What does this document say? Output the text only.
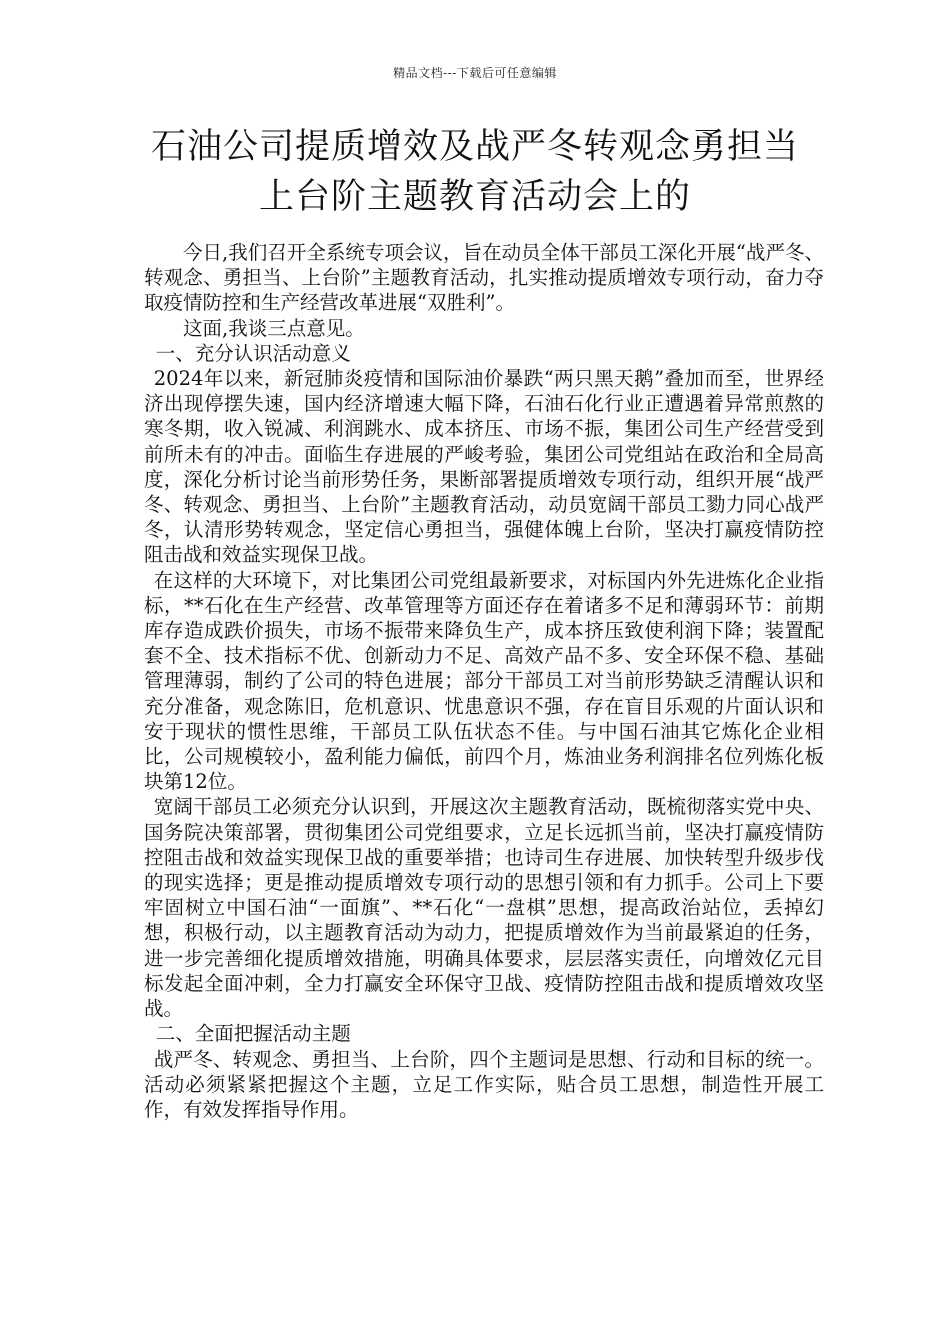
精品文档---下载后可任意编辑
石油公司提质增效及战严冬转观念勇担当
上台阶主题教育活动会上的

今日,我们召开全系统专项会议，旨在动员全体干部员工深化开展“战严冬、转观念、勇担当、上台阶”主题教育活动，扎实推动提质增效专项行动，奋力夺取疫情防控和生产经营改革进展“双胜利”。

这面,我谈三点意见。

一、充分认识活动意义

2024年以来，新冠肺炎疫情和国际油价暴跌“两只黑天鹅”叠加而至，世界经济出现停摆失速，国内经济增速大幅下降，石油石化行业正遭遇着异常煎熬的寒冬期，收入锐减、利润跳水、成本挤压、市场不振，集团公司生产经营受到前所未有的冲击。面临生存进展的严峻考验，集团公司党组站在政治和全局高度，深化分析讨论当前形势任务，果断部署提质增效专项行动，组织开展“战严冬、转观念、勇担当、上台阶”主题教育活动，动员宽阔干部员工勠力同心战严冬，认清形势转观念，坚定信心勇担当，强健体魄上台阶，坚决打赢疫情防控阻击战和效益实现保卫战。

在这样的大环境下，对比集团公司党组最新要求，对标国内外先进炼化企业指标，**石化在生产经营、改革管理等方面还存在着诸多不足和薄弱环节：前期库存造成跌价损失，市场不振带来降负生产，成本挤压致使利润下降；装置配套不全、技术指标不优、创新动力不足、高效产品不多、安全环保不稳、基础管理薄弱，制约了公司的特色进展；部分干部员工对当前形势缺乏清醒认识和充分准备，观念陈旧，危机意识、忧患意识不强，存在盲目乐观的片面认识和安于现状的惯性思维，干部员工队伍状态不佳。与中国石油其它炼化企业相比，公司规模较小，盈利能力偏低，前四个月，炼油业务利润排名位列炼化板块第12位。

宽阔干部员工必须充分认识到，开展这次主题教育活动，既梳彻落实党中央、国务院决策部署，贯彻集团公司党组要求，立足长远抓当前，坚决打赢疫情防控阻击战和效益实现保卫战的重要举措；也诗司生存进展、加快转型升级步伐的现实选择；更是推动提质增效专项行动的思想引领和有力抓手。公司上下要牢固树立中国石油“一面旗”、**石化“一盘棋”思想，提高政治站位，丢掉幻想，积极行动，以主题教育活动为动力，把提质增效作为当前最紧迫的任务，进一步完善细化提质增效措施，明确具体要求，层层落实责任，向增效亿元目标发起全面冲刺，全力打赢安全环保守卫战、疫情防控阻击战和提质增效攻坚战。

二、全面把握活动主题

战严冬、转观念、勇担当、上台阶，四个主题词是思想、行动和目标的统一。活动必须紧紧把握这个主题，立足工作实际，贴合员工思想，制造性开展工作，有效发挥指导作用。
